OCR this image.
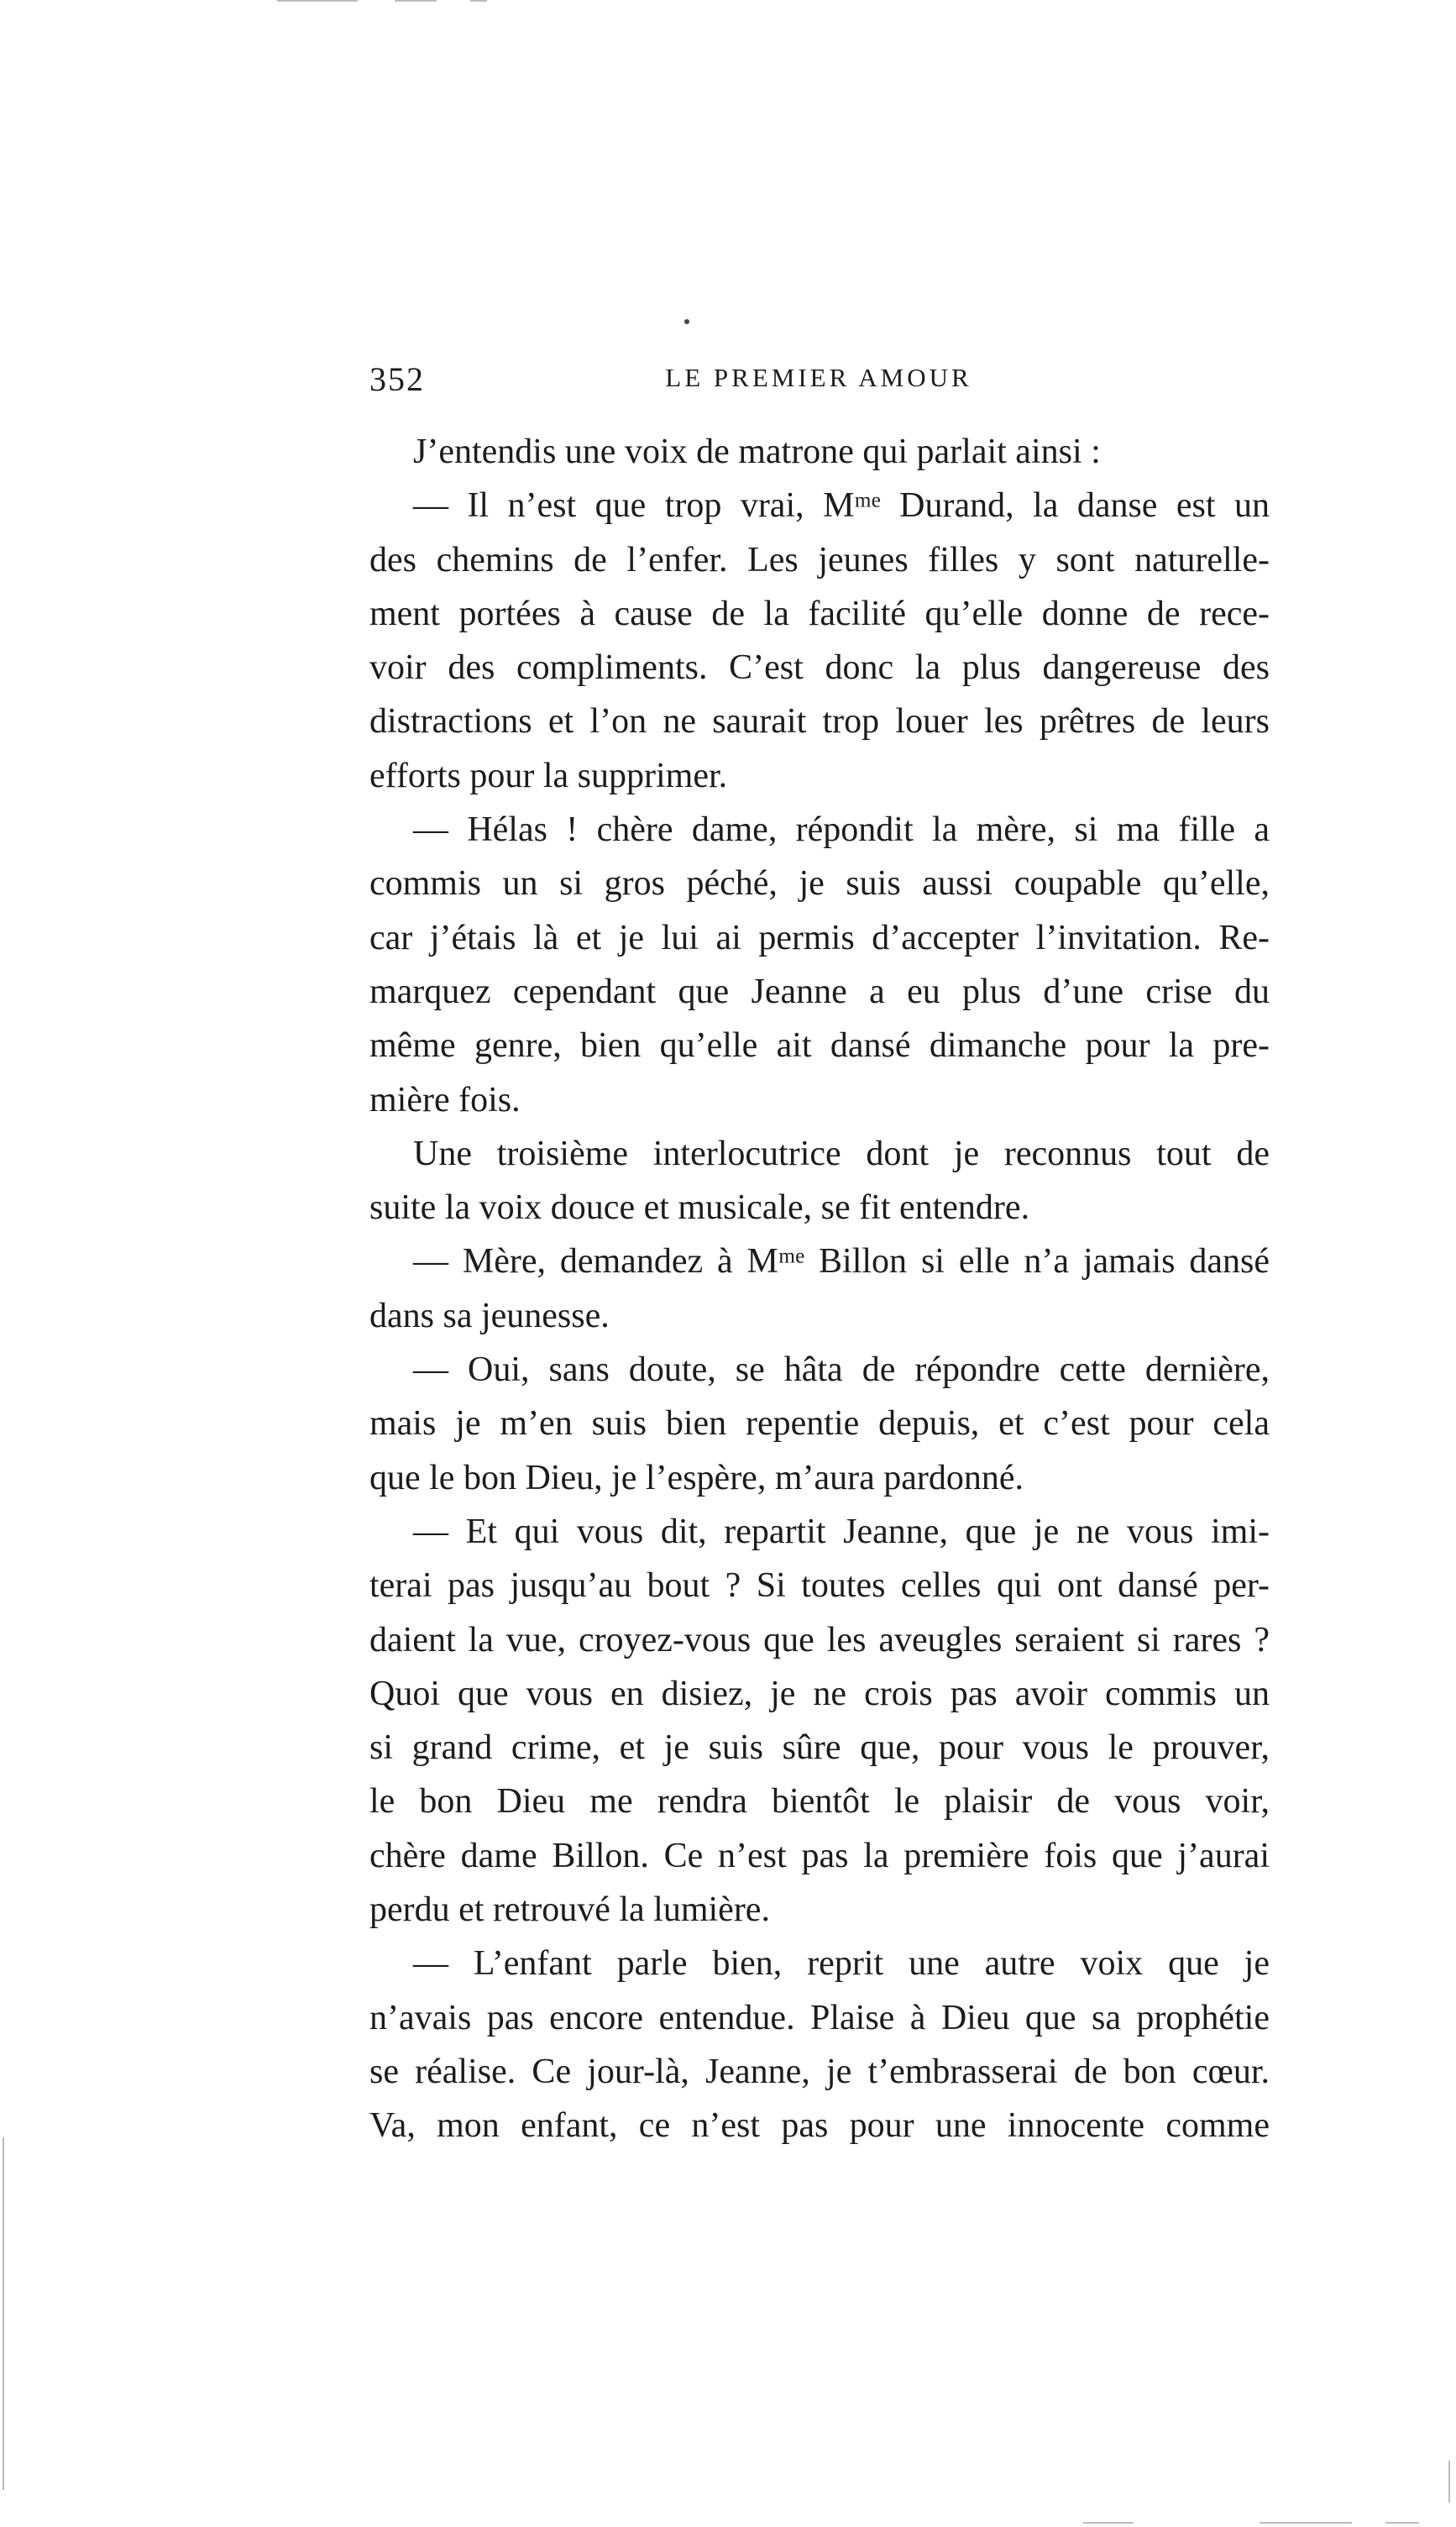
352	LE PREMIER AMOUR
J’entendis une voix de matrone qui parlait ainsi :
— Il n’est que trop vrai, Mᵐᵉ Durand, la danse est un
des chemins de l’enfer. Les jeunes filles y sont naturelle-
ment portées à cause de la facilité qu’elle donne de rece-
voir des compliments. C’est donc la plus dangereuse des
distractions et l’on ne saurait trop louer les prêtres de leurs
efforts pour la supprimer.
— Hélas ! chère dame, répondit la mère, si ma fille a
commis un si gros péché, je suis aussi coupable qu’elle,
car j’étais là et je lui ai permis d’accepter l’invitation. Re-
marquez cependant que Jeanne a eu plus d’une crise du
même genre, bien qu’elle ait dansé dimanche pour la pre-
mière fois.
Une troisième interlocutrice dont je reconnus tout de
suite la voix douce et musicale, se fit entendre.
— Mère, demandez à Mᵐᵉ Billon si elle n’a jamais dansé
dans sa jeunesse.
— Oui, sans doute, se hâta de répondre cette dernière,
mais je m’en suis bien repentie depuis, et c’est pour cela
que le bon Dieu, je l’espère, m’aura pardonné.
— Et qui vous dit, repartit Jeanne, que je ne vous imi-
terai pas jusqu’au bout ? Si toutes celles qui ont dansé per-
daient la vue, croyez-vous que les aveugles seraient si rares ?
Quoi que vous en disiez, je ne crois pas avoir commis un
si grand crime, et je suis sûre que, pour vous le prouver,
le bon Dieu me rendra bientôt le plaisir de vous voir,
chère dame Billon. Ce n’est pas la première fois que j’aurai
perdu et retrouvé la lumière.
— L’enfant parle bien, reprit une autre voix que je
n’avais pas encore entendue. Plaise à Dieu que sa prophétie
se réalise. Ce jour-là, Jeanne, je t’embrasserai de bon cœur.
Va, mon enfant, ce n’est pas pour une innocente comme
